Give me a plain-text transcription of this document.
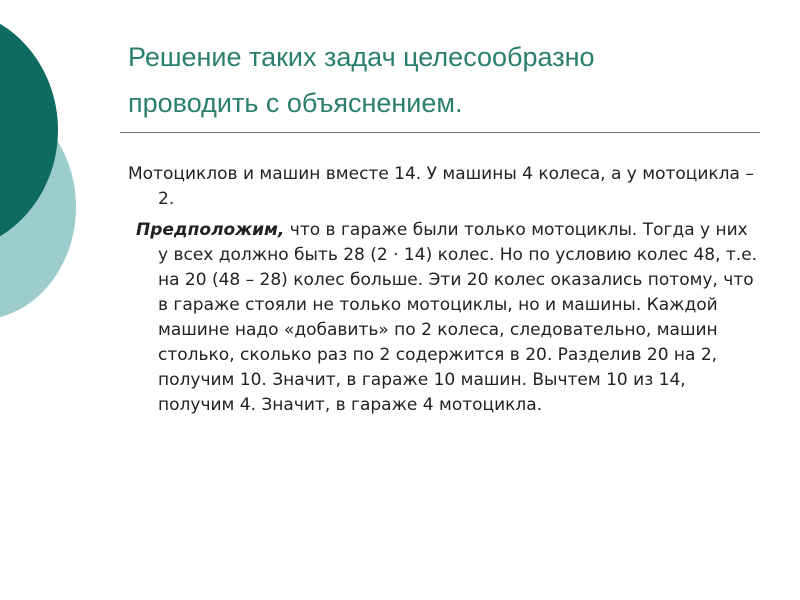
Решение таких задач целесообразно
проводить с объяснением.

Мотоциклов и машин вместе 14. У машины 4 колеса, а у мотоцикла – 2.

Предположим, что в гараже были только мотоциклы. Тогда у них у всех должно быть 28 (2 · 14) колес. Но по условию колес 48, т.е. на 20 (48 – 28) колес больше. Эти 20 колес оказались потому, что в гараже стояли не только мотоциклы, но и машины. Каждой машине надо «добавить» по 2 колеса, следовательно, машин столько, сколько раз по 2 содержится в 20. Разделив 20 на 2, получим 10. Значит, в гараже 10 машин. Вычтем 10 из 14, получим 4. Значит, в гараже 4 мотоцикла.
